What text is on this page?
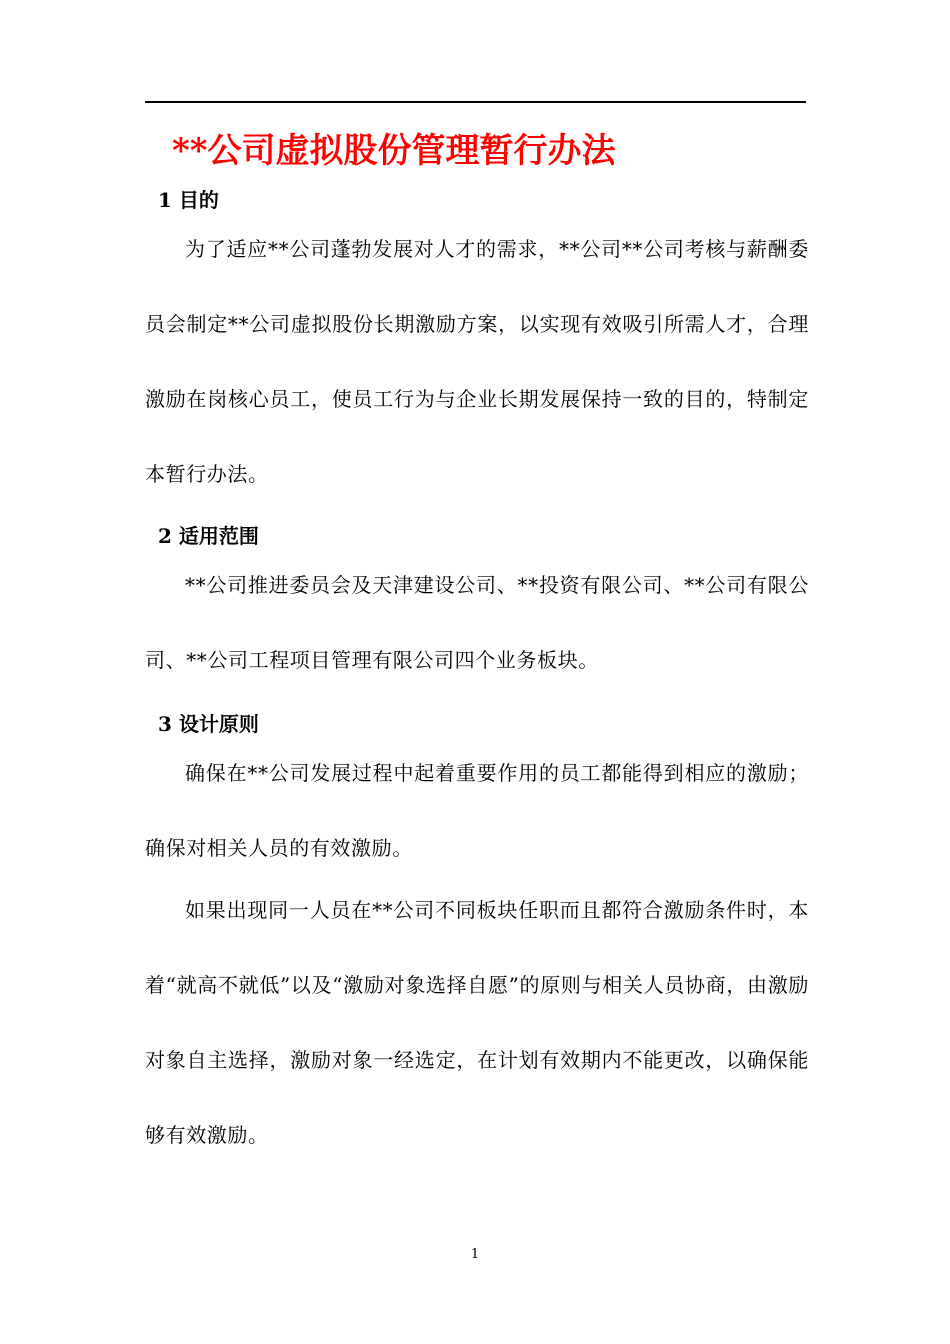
**公司虚拟股份管理暂行办法
1 目的

为了适应**公司蓬勃发展对人才的需求，**公司**公司考核与薪酬委员会制定**公司虚拟股份长期激励方案，以实现有效吸引所需人才，合理激励在岗核心员工，使员工行为与企业长期发展保持一致的目的，特制定本暂行办法。

2 适用范围

**公司推进委员会及天津建设公司、**投资有限公司、**公司有限公司、**公司工程项目管理有限公司四个业务板块。

3 设计原则

确保在**公司发展过程中起着重要作用的员工都能得到相应的激励；确保对相关人员的有效激励。

如果出现同一人员在**公司不同板块任职而且都符合激励条件时，本着“就高不就低”以及“激励对象选择自愿”的原则与相关人员协商，由激励对象自主选择，激励对象一经选定，在计划有效期内不能更改，以确保能够有效激励。

1
